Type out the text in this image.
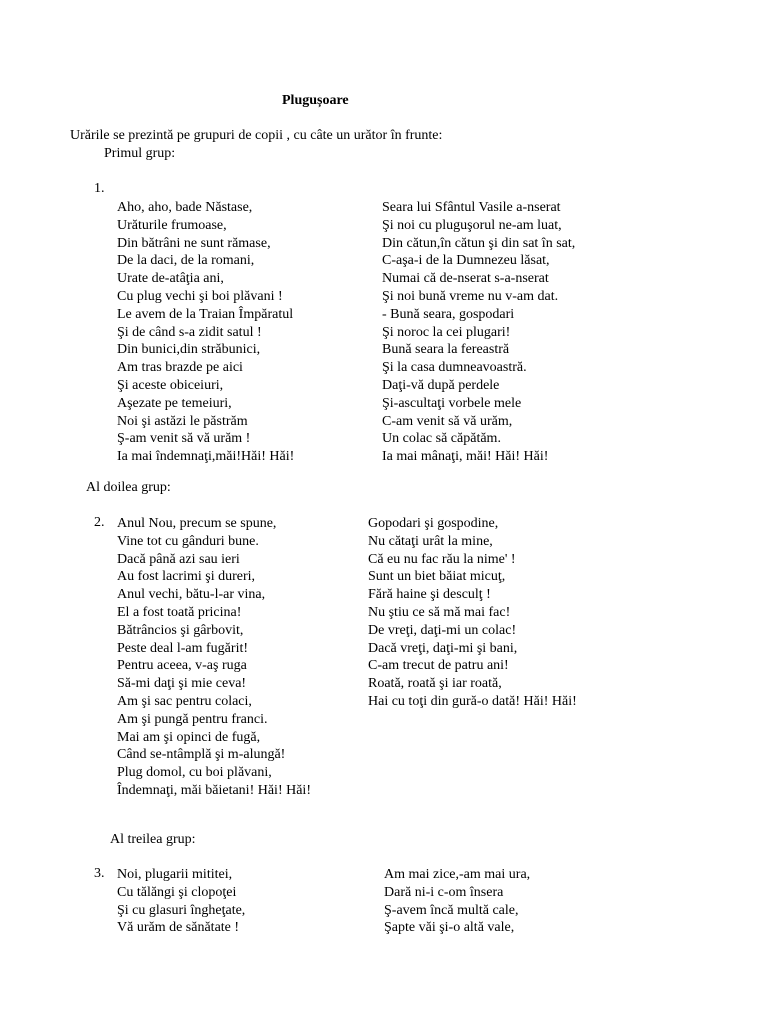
Plugușoare
Urările se prezintă pe grupuri de copii , cu câte un urător în frunte:
Primul grup:
1.
Aho, aho, bade Năstase,
Urăturile frumoase,
Din bătrâni ne sunt rămase,
De la daci, de la romani,
Urate de-atâţia ani,
Cu plug vechi şi boi plăvani !
Le avem de la Traian Împăratul
Şi de când s-a zidit satul !
Din bunici,din străbunici,
Am tras brazde pe aici
Şi aceste obiceiuri,
Aşezate pe temeiuri,
Noi şi astăzi le păstrăm
Ş-am venit să vă urăm !
Ia mai îndemnaţi,măi!Hăi! Hăi!
Seara lui Sfântul Vasile a-nserat
Şi noi cu pluguşorul ne-am luat,
Din cătun,în cătun şi din sat în sat,
C-aşa-i de la Dumnezeu lăsat,
Numai că de-nserat s-a-nserat
Şi noi bună vreme nu v-am dat.
- Bună seara, gospodari
Şi noroc la cei plugari!
Bună seara la fereastră
Şi la casa dumneavoastră.
Daţi-vă după perdele
Şi-ascultaţi vorbele mele
C-am venit să vă urăm,
Un colac să căpătăm.
Ia mai mânaţi, măi! Hăi! Hăi!
Al doilea grup:
2. Anul Nou, precum se spune,
Vine tot cu gânduri bune.
Dacă până azi sau ieri
Au fost lacrimi şi dureri,
Anul vechi, bătu-l-ar vina,
El a fost toată pricina!
Bătrâncios şi gârbovit,
Peste deal l-am fugărit!
Pentru aceea, v-aş ruga
Să-mi daţi şi mie ceva!
Am şi sac pentru colaci,
Am şi pungă pentru franci.
Mai am şi opinci de fugă,
Când se-ntâmplă şi m-alungă!
Plug domol, cu boi plăvani,
Îndemnaţi, măi băietani! Hăi! Hăi!
Gopodari şi gospodine,
Nu cătaţi urât la mine,
Că eu nu fac rău la nime' !
Sunt un biet băiat micuţ,
Fără haine şi desculţ !
Nu ştiu ce să mă mai fac!
De vreţi, daţi-mi un colac!
Dacă vreţi, daţi-mi şi bani,
C-am trecut de patru ani!
Roată, roată şi iar roată,
Hai cu toţi din gură-o dată! Hăi! Hăi!
Al treilea grup:
3. Noi, plugarii mititei,
Cu tălăngi şi clopoţei
Şi cu glasuri îngheţate,
Vă urăm de sănătate !
Am mai zice,-am mai ura,
Dară ni-i c-om însera
Ş-avem încă multă cale,
Şapte văi şi-o altă vale,
